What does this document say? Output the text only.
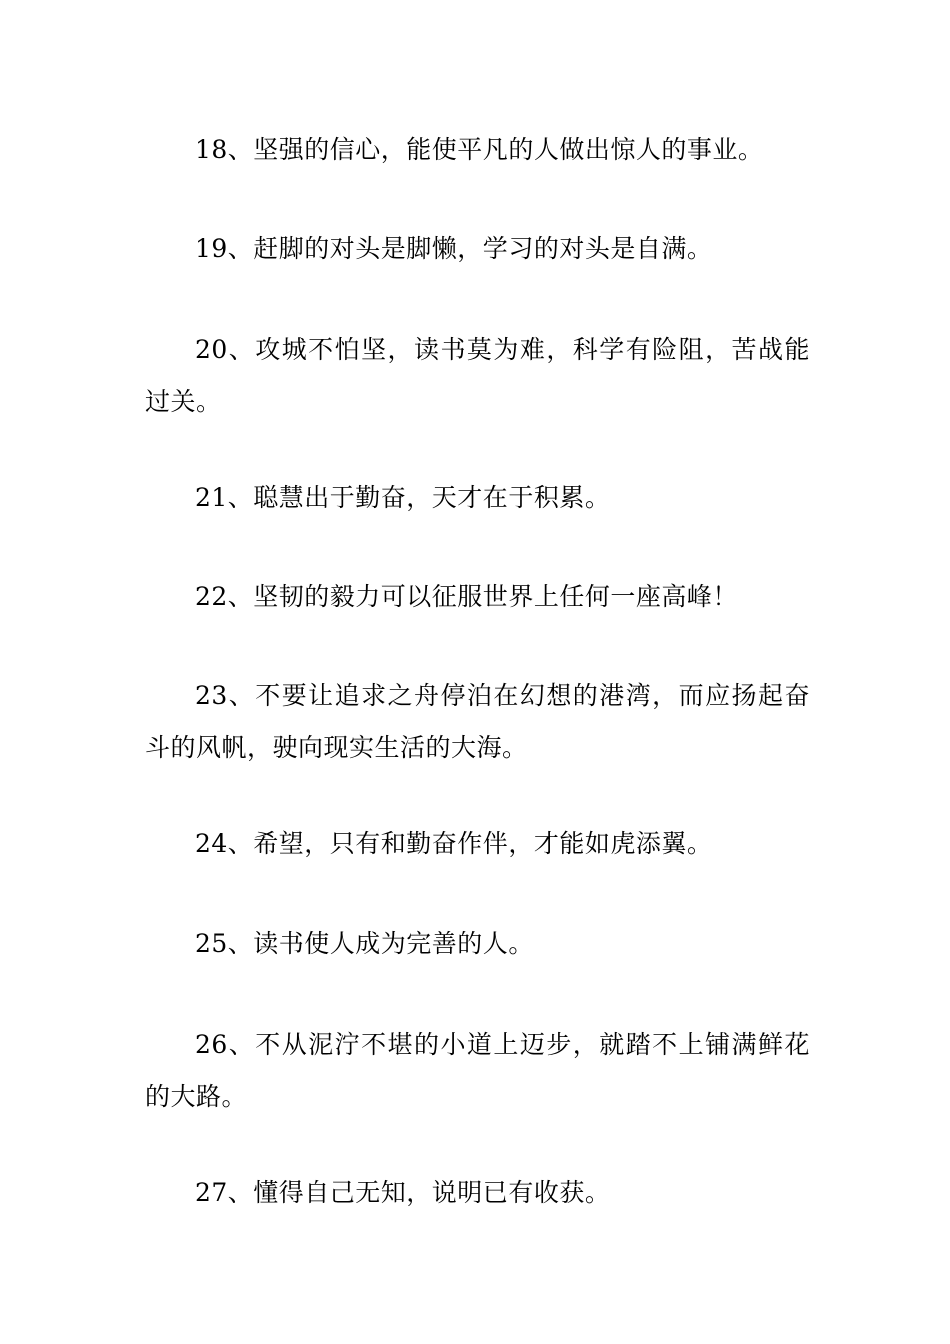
18、坚强的信心，能使平凡的人做出惊人的事业。

19、赶脚的对头是脚懒，学习的对头是自满。

20、攻城不怕坚，读书莫为难，科学有险阻，苦战能过关。

21、聪慧出于勤奋，天才在于积累。

22、坚韧的毅力可以征服世界上任何一座高峰！

23、不要让追求之舟停泊在幻想的港湾，而应扬起奋斗的风帆，驶向现实生活的大海。

24、希望，只有和勤奋作伴，才能如虎添翼。

25、读书使人成为完善的人。

26、不从泥泞不堪的小道上迈步，就踏不上铺满鲜花的大路。

27、懂得自己无知，说明已有收获。
